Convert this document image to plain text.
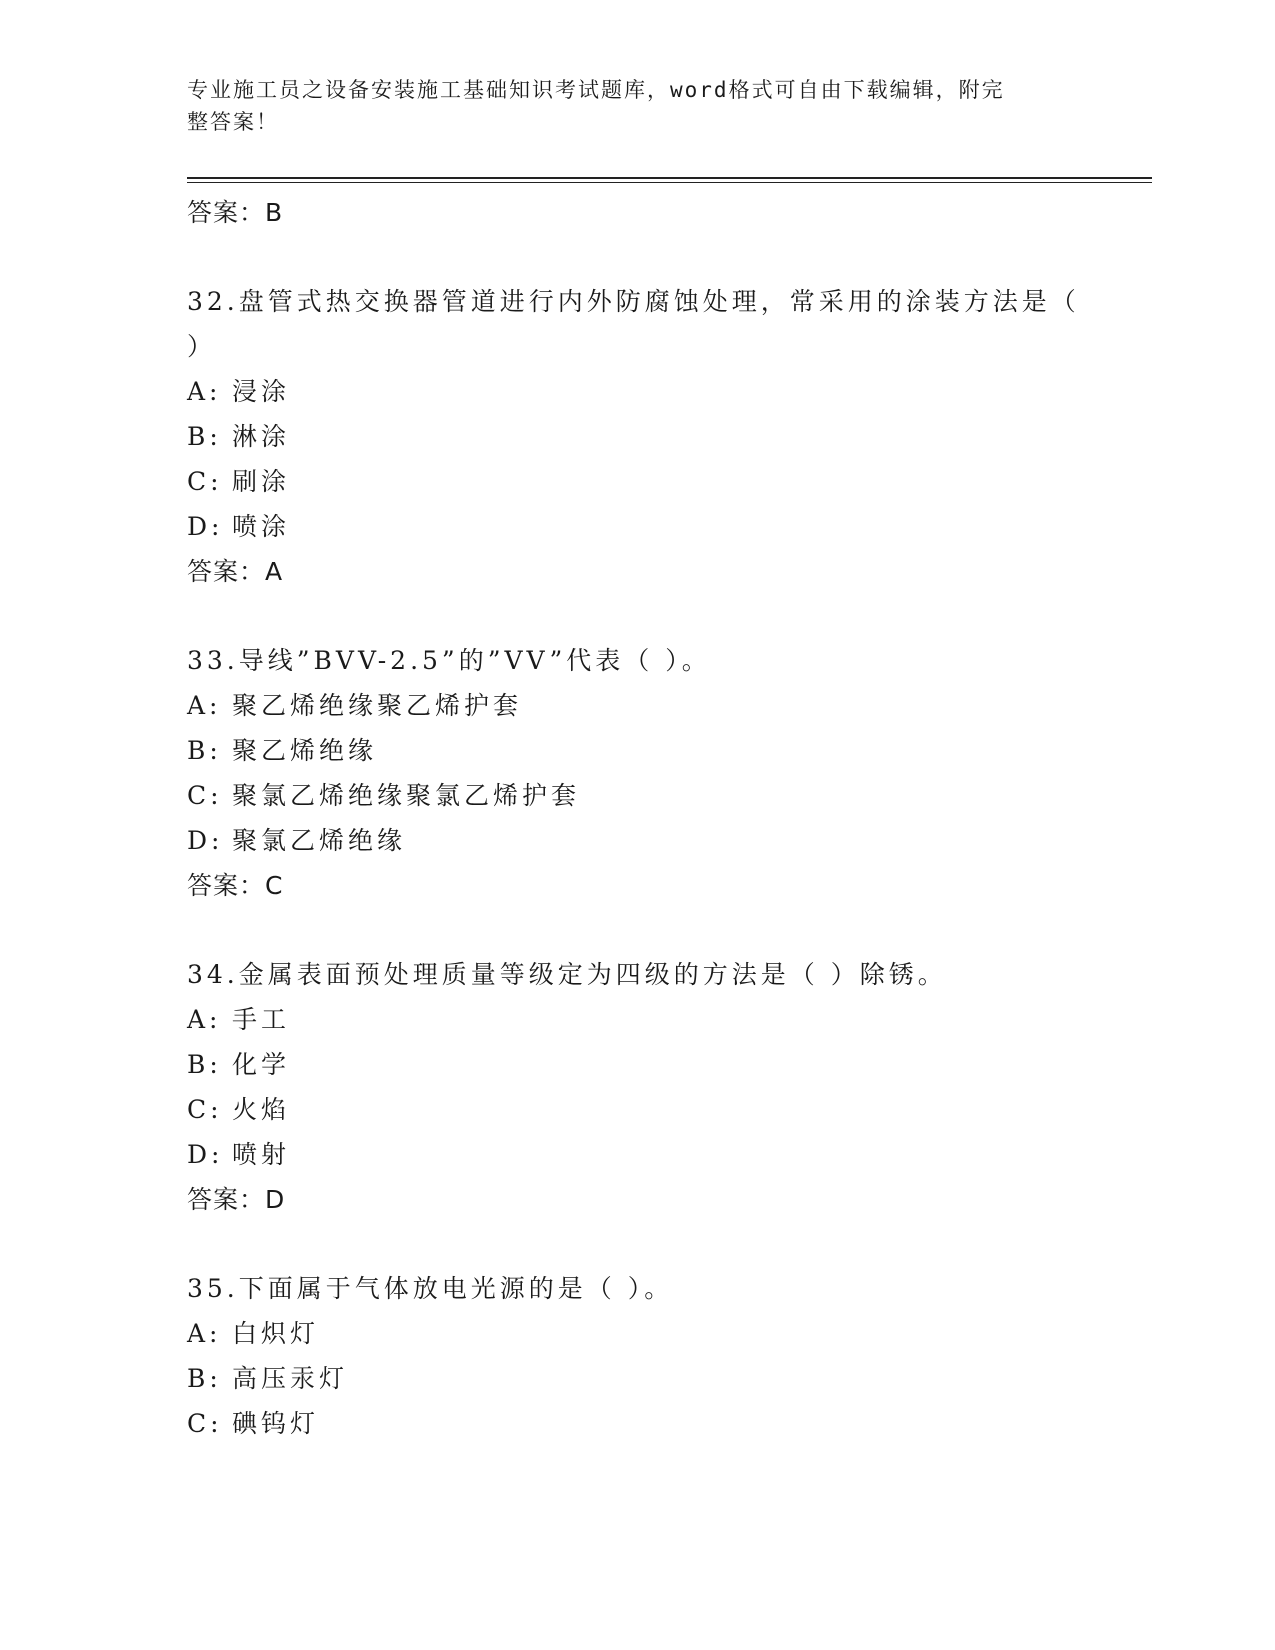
专业施工员之设备安装施工基础知识考试题库，word格式可自由下载编辑，附完
整答案！
答案：B
32.盘管式热交换器管道进行内外防腐蚀处理，常采用的涂装方法是（
）
A: 浸涂
B: 淋涂
C: 刷涂
D: 喷涂
答案：A
33.导线”BVV-2.5”的”VV”代表（ ）。
A: 聚乙烯绝缘聚乙烯护套
B: 聚乙烯绝缘
C: 聚氯乙烯绝缘聚氯乙烯护套
D: 聚氯乙烯绝缘
答案：C
34.金属表面预处理质量等级定为四级的方法是（ ）除锈。
A: 手工
B: 化学
C: 火焰
D: 喷射
答案：D
35.下面属于气体放电光源的是（ ）。
A: 白炽灯
B: 高压汞灯
C: 碘钨灯
